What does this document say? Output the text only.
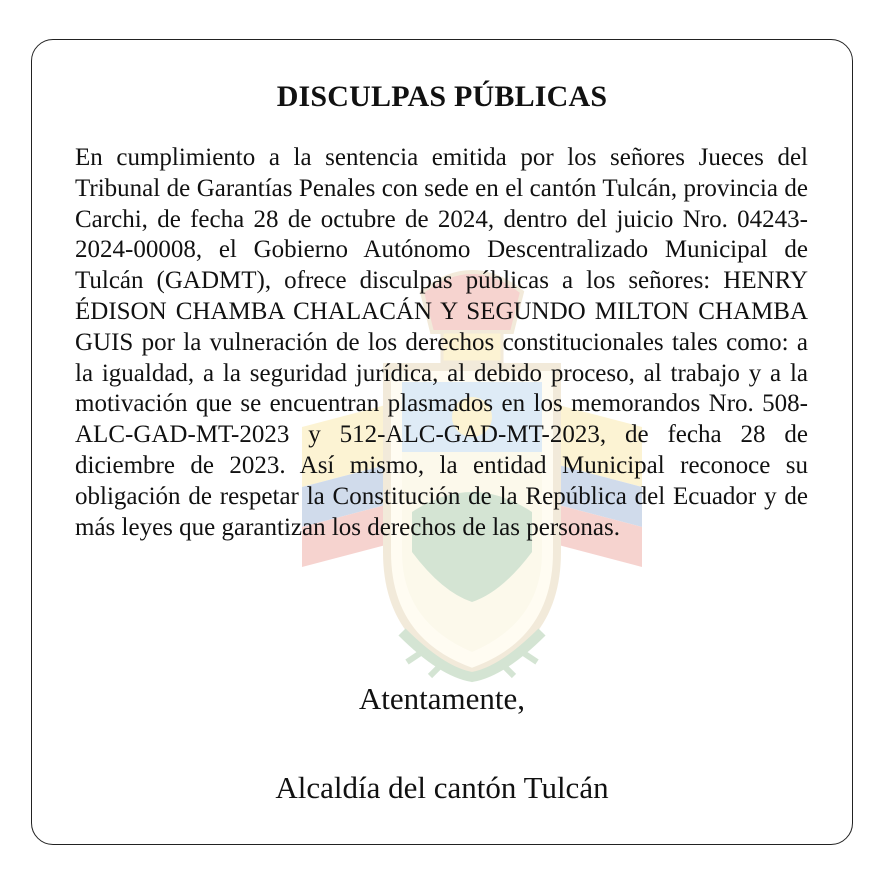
DISCULPAS PÚBLICAS

En cumplimiento a la sentencia emitida por los señores Jueces del Tribunal de Garantías Penales con sede en el cantón Tulcán, provincia de Carchi, de fecha 28 de octubre de 2024, dentro del juicio Nro. 04243-2024-00008, el Gobierno Autónomo Descentralizado Municipal de Tulcán (GADMT), ofrece disculpas públicas a los señores: HENRY ÉDISON CHAMBA CHALACÁN Y SEGUNDO MILTON CHAMBA GUIS por la vulneración de los derechos constitucionales tales como: a la igualdad, a la seguridad jurídica, al debido proceso, al trabajo y a la motivación que se encuentran plasmados en los memorandos Nro. 508-ALC-GAD-MT-2023 y 512-ALC-GAD-MT-2023, de fecha 28 de diciembre de 2023. Así mismo, la entidad Municipal reconoce su obligación de respetar la Constitución de la República del Ecuador y de más leyes que garantizan los derechos de las personas.

Atentamente,

Alcaldía del cantón Tulcán
